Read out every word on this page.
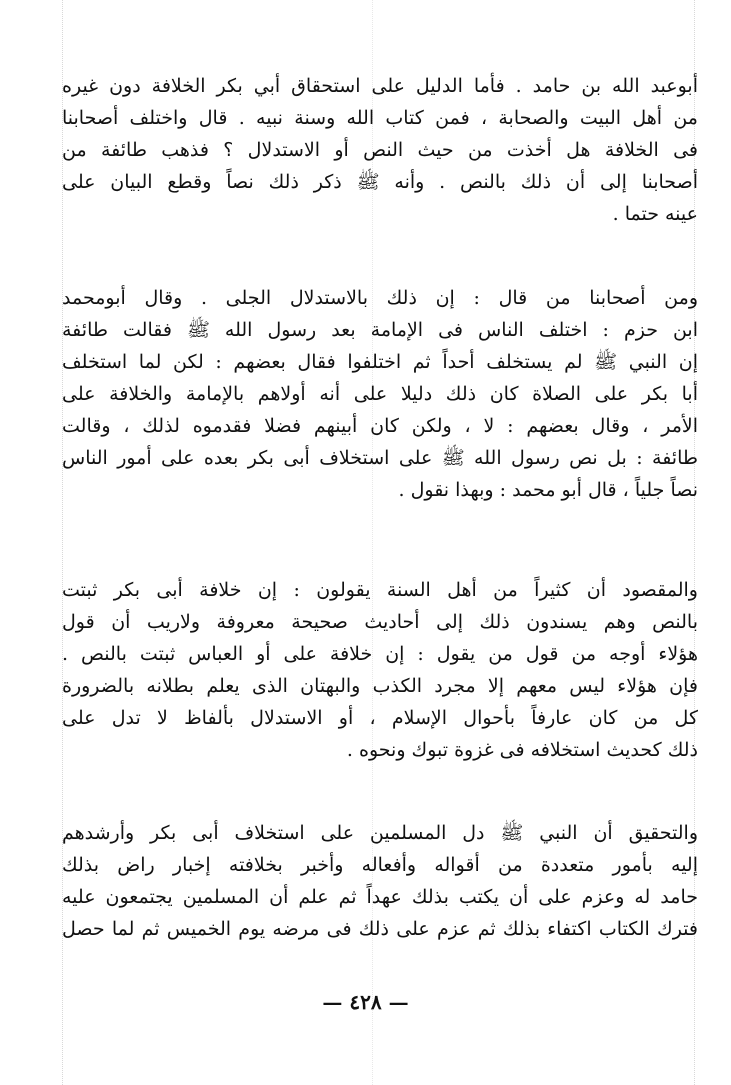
أبوعبد الله بن حامد . فأما الدليل على استحقاق أبي بكر الخلافة دون غيره
من أهل البيت والصحابة ، فمن كتاب الله وسنة نبيه . قال واختلف أصحابنا
فى الخلافة هل أخذت من حيث النص أو الاستدلال ؟ فذهب طائفة من
أصحابنا إلى أن ذلك بالنص . وأنه ﷺ ذكر ذلك نصاً وقطع البيان على
عينه حتما .
ومن أصحابنا من قال : إن ذلك بالاستدلال الجلى . وقال أبومحمد
ابن حزم : اختلف الناس فى الإمامة بعد رسول الله ﷺ فقالت طائفة
إن النبي ﷺ لم يستخلف أحداً ثم اختلفوا فقال بعضهم : لكن لما استخلف
أبا بكر على الصلاة كان ذلك دليلا على أنه أولاهم بالإمامة والخلافة على
الأمر ، وقال بعضهم : لا ، ولكن كان أبينهم فضلا فقدموه لذلك ، وقالت
طائفة : بل نص رسول الله ﷺ على استخلاف أبى بكر بعده على أمور الناس
نصاً جلياً ، قال أبو محمد : وبهذا نقول .
والمقصود أن كثيراً من أهل السنة يقولون : إن خلافة أبى بكر ثبتت
بالنص وهم يسندون ذلك إلى أحاديث صحيحة معروفة ولاريب أن قول
هؤلاء أوجه من قول من يقول : إن خلافة على أو العباس ثبتت بالنص .
فإن هؤلاء ليس معهم إلا مجرد الكذب والبهتان الذى يعلم بطلانه بالضرورة
كل من كان عارفاً بأحوال الإسلام ، أو الاستدلال بألفاظ لا تدل على
ذلك كحديث استخلافه فى غزوة تبوك ونحوه .
والتحقيق أن النبي ﷺ دل المسلمين على استخلاف أبى بكر وأرشدهم
إليه بأمور متعددة من أقواله وأفعاله وأخبر بخلافته إخبار راض بذلك
حامد له وعزم على أن يكتب بذلك عهداً ثم علم أن المسلمين يجتمعون عليه
فترك الكتاب اكتفاء بذلك ثم عزم على ذلك فى مرضه يوم الخميس ثم لما حصل
— ٤٢٨ —
